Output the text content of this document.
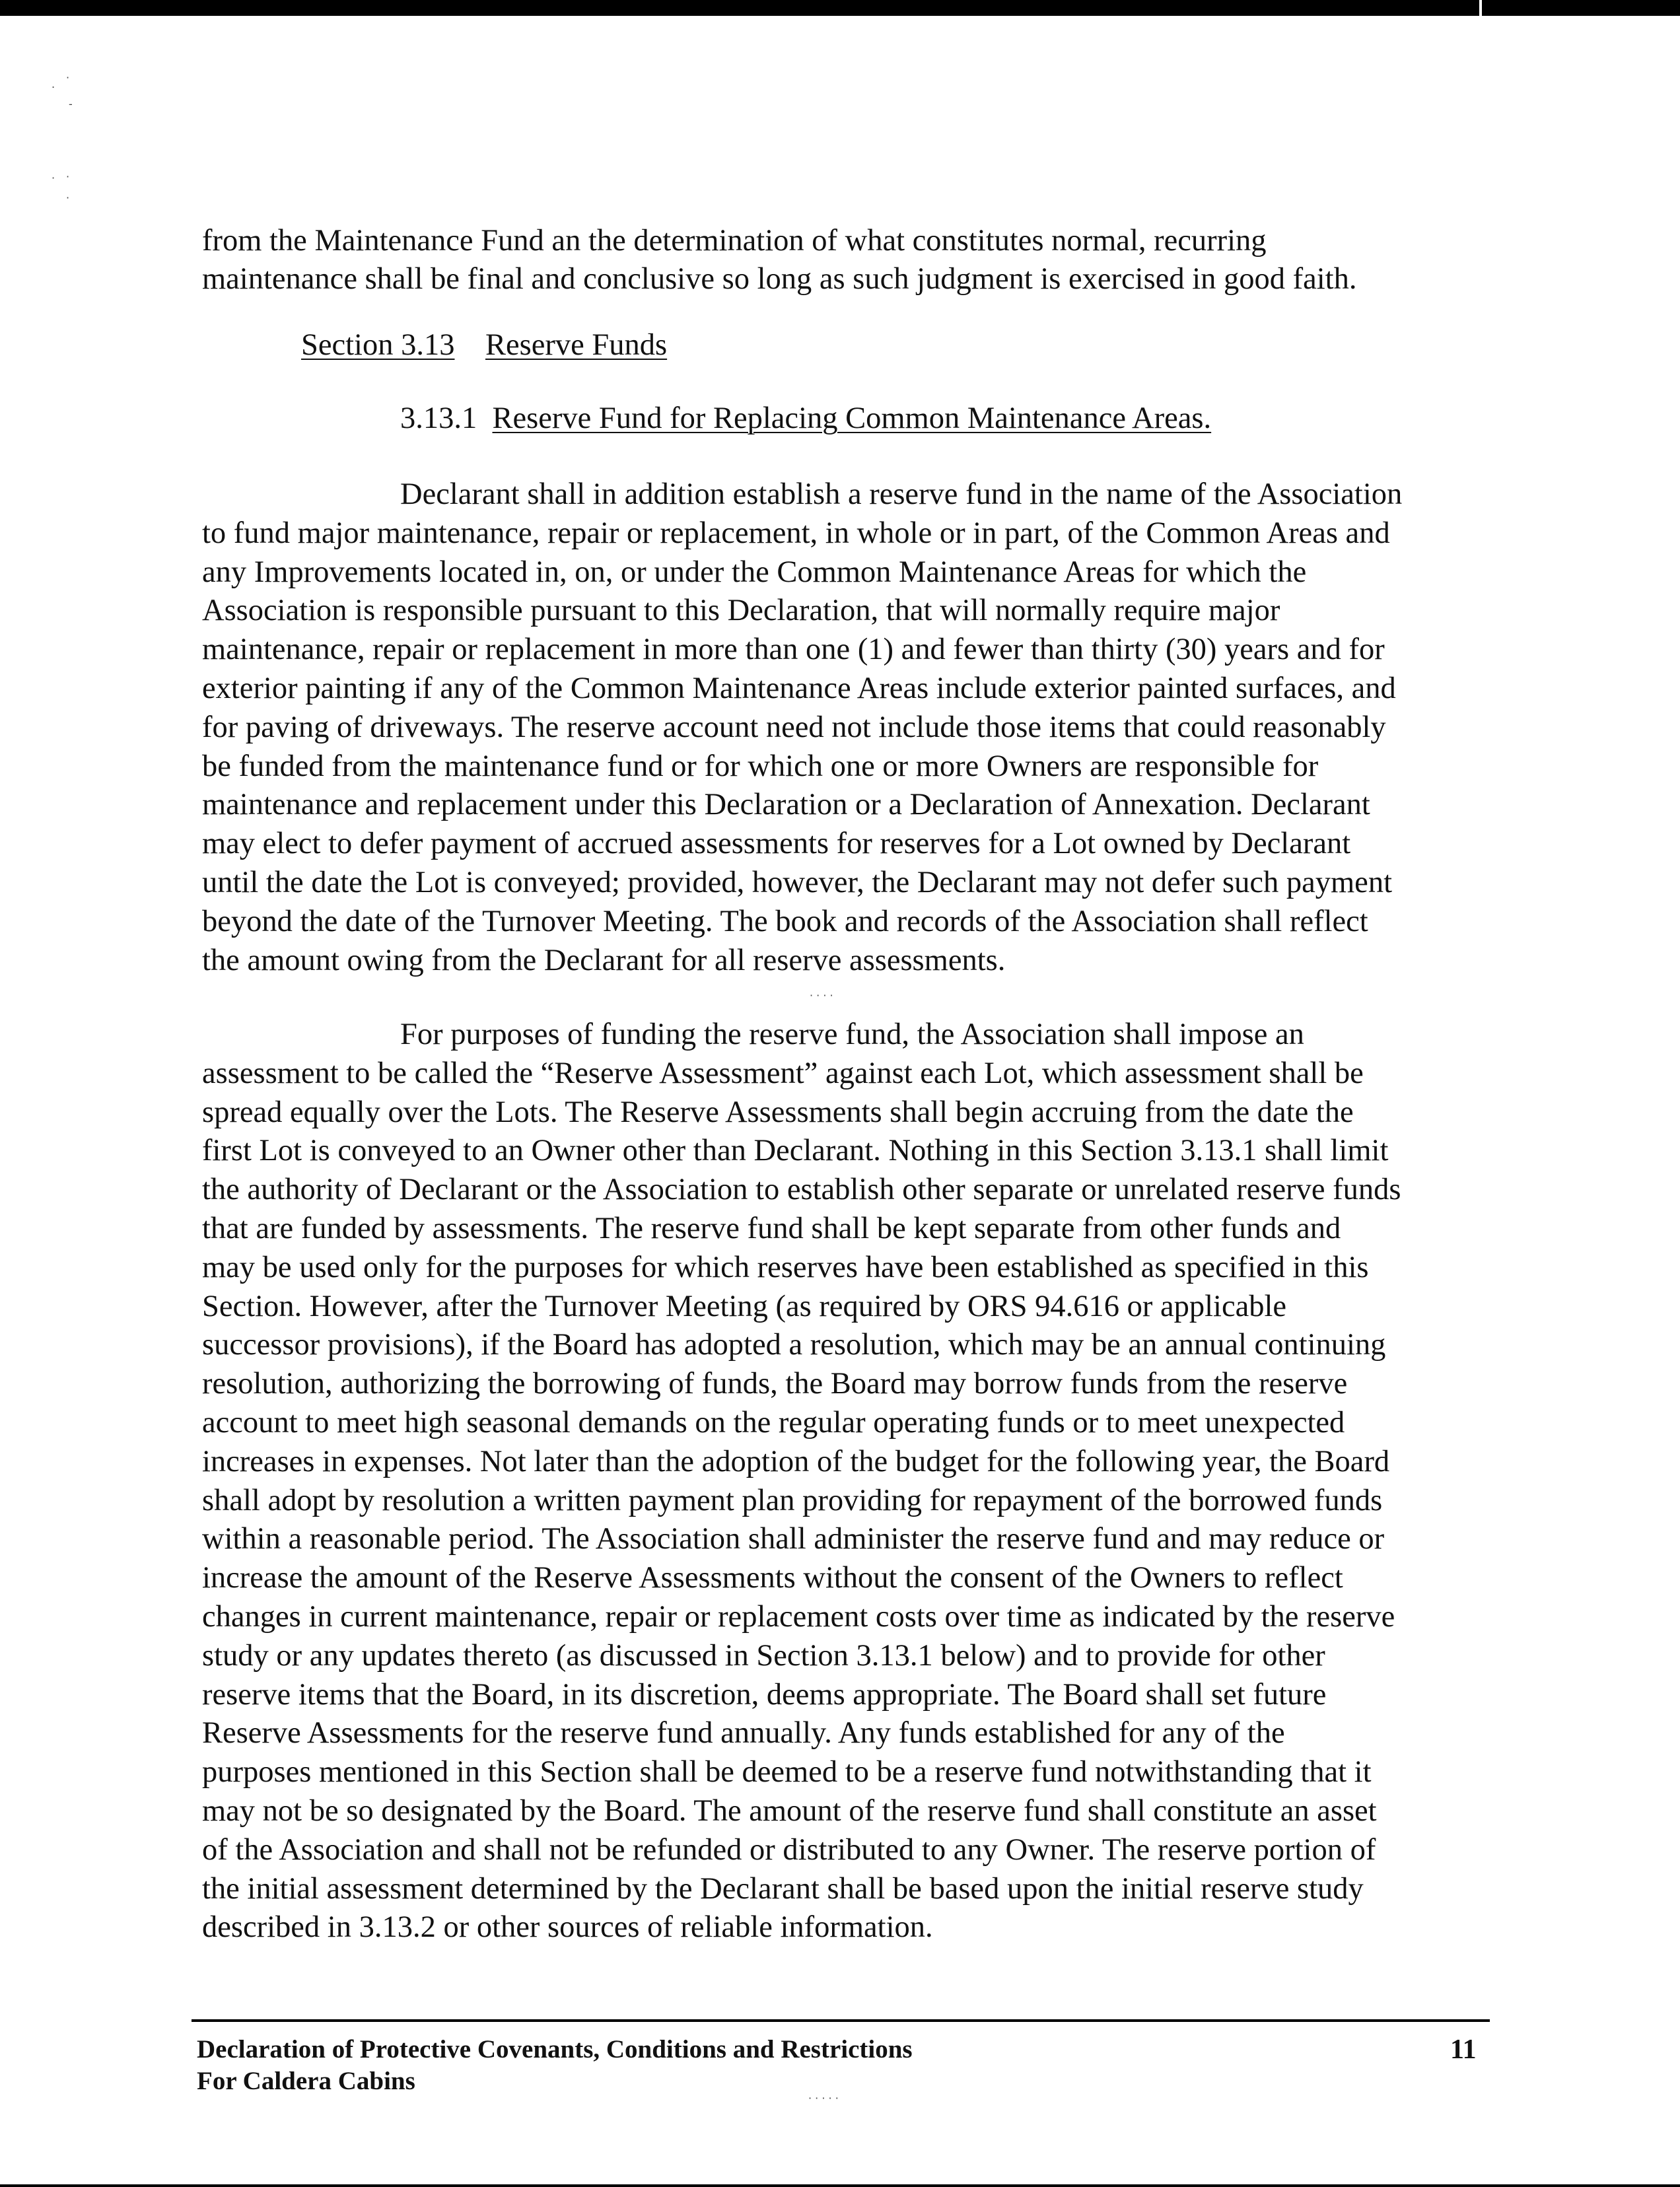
.
·
-
· ·
·
from the Maintenance Fund an the determination of what constitutes normal, recurring
maintenance shall be final and conclusive so long as such judgment is exercised in good faith.
Section 3.13 Reserve Funds
3.13.1 Reserve Fund for Replacing Common Maintenance Areas.
Declarant shall in addition establish a reserve fund in the name of the Association
to fund major maintenance, repair or replacement, in whole or in part, of the Common Areas and
any Improvements located in, on, or under the Common Maintenance Areas for which the
Association is responsible pursuant to this Declaration, that will normally require major
maintenance, repair or replacement in more than one (1) and fewer than thirty (30) years and for
exterior painting if any of the Common Maintenance Areas include exterior painted surfaces, and
for paving of driveways. The reserve account need not include those items that could reasonably
be funded from the maintenance fund or for which one or more Owners are responsible for
maintenance and replacement under this Declaration or a Declaration of Annexation. Declarant
may elect to defer payment of accrued assessments for reserves for a Lot owned by Declarant
until the date the Lot is conveyed; provided, however, the Declarant may not defer such payment
beyond the date of the Turnover Meeting. The book and records of the Association shall reflect
the amount owing from the Declarant for all reserve assessments.
· · · ·
For purposes of funding the reserve fund, the Association shall impose an
assessment to be called the “Reserve Assessment” against each Lot, which assessment shall be
spread equally over the Lots. The Reserve Assessments shall begin accruing from the date the
first Lot is conveyed to an Owner other than Declarant. Nothing in this Section 3.13.1 shall limit
the authority of Declarant or the Association to establish other separate or unrelated reserve funds
that are funded by assessments. The reserve fund shall be kept separate from other funds and
may be used only for the purposes for which reserves have been established as specified in this
Section. However, after the Turnover Meeting (as required by ORS 94.616 or applicable
successor provisions), if the Board has adopted a resolution, which may be an annual continuing
resolution, authorizing the borrowing of funds, the Board may borrow funds from the reserve
account to meet high seasonal demands on the regular operating funds or to meet unexpected
increases in expenses. Not later than the adoption of the budget for the following year, the Board
shall adopt by resolution a written payment plan providing for repayment of the borrowed funds
within a reasonable period. The Association shall administer the reserve fund and may reduce or
increase the amount of the Reserve Assessments without the consent of the Owners to reflect
changes in current maintenance, repair or replacement costs over time as indicated by the reserve
study or any updates thereto (as discussed in Section 3.13.1 below) and to provide for other
reserve items that the Board, in its discretion, deems appropriate. The Board shall set future
Reserve Assessments for the reserve fund annually. Any funds established for any of the
purposes mentioned in this Section shall be deemed to be a reserve fund notwithstanding that it
may not be so designated by the Board. The amount of the reserve fund shall constitute an asset
of the Association and shall not be refunded or distributed to any Owner. The reserve portion of
the initial assessment determined by the Declarant shall be based upon the initial reserve study
described in 3.13.2 or other sources of reliable information.
Declaration of Protective Covenants, Conditions and Restrictions
For Caldera Cabins
11
· · · · ·
